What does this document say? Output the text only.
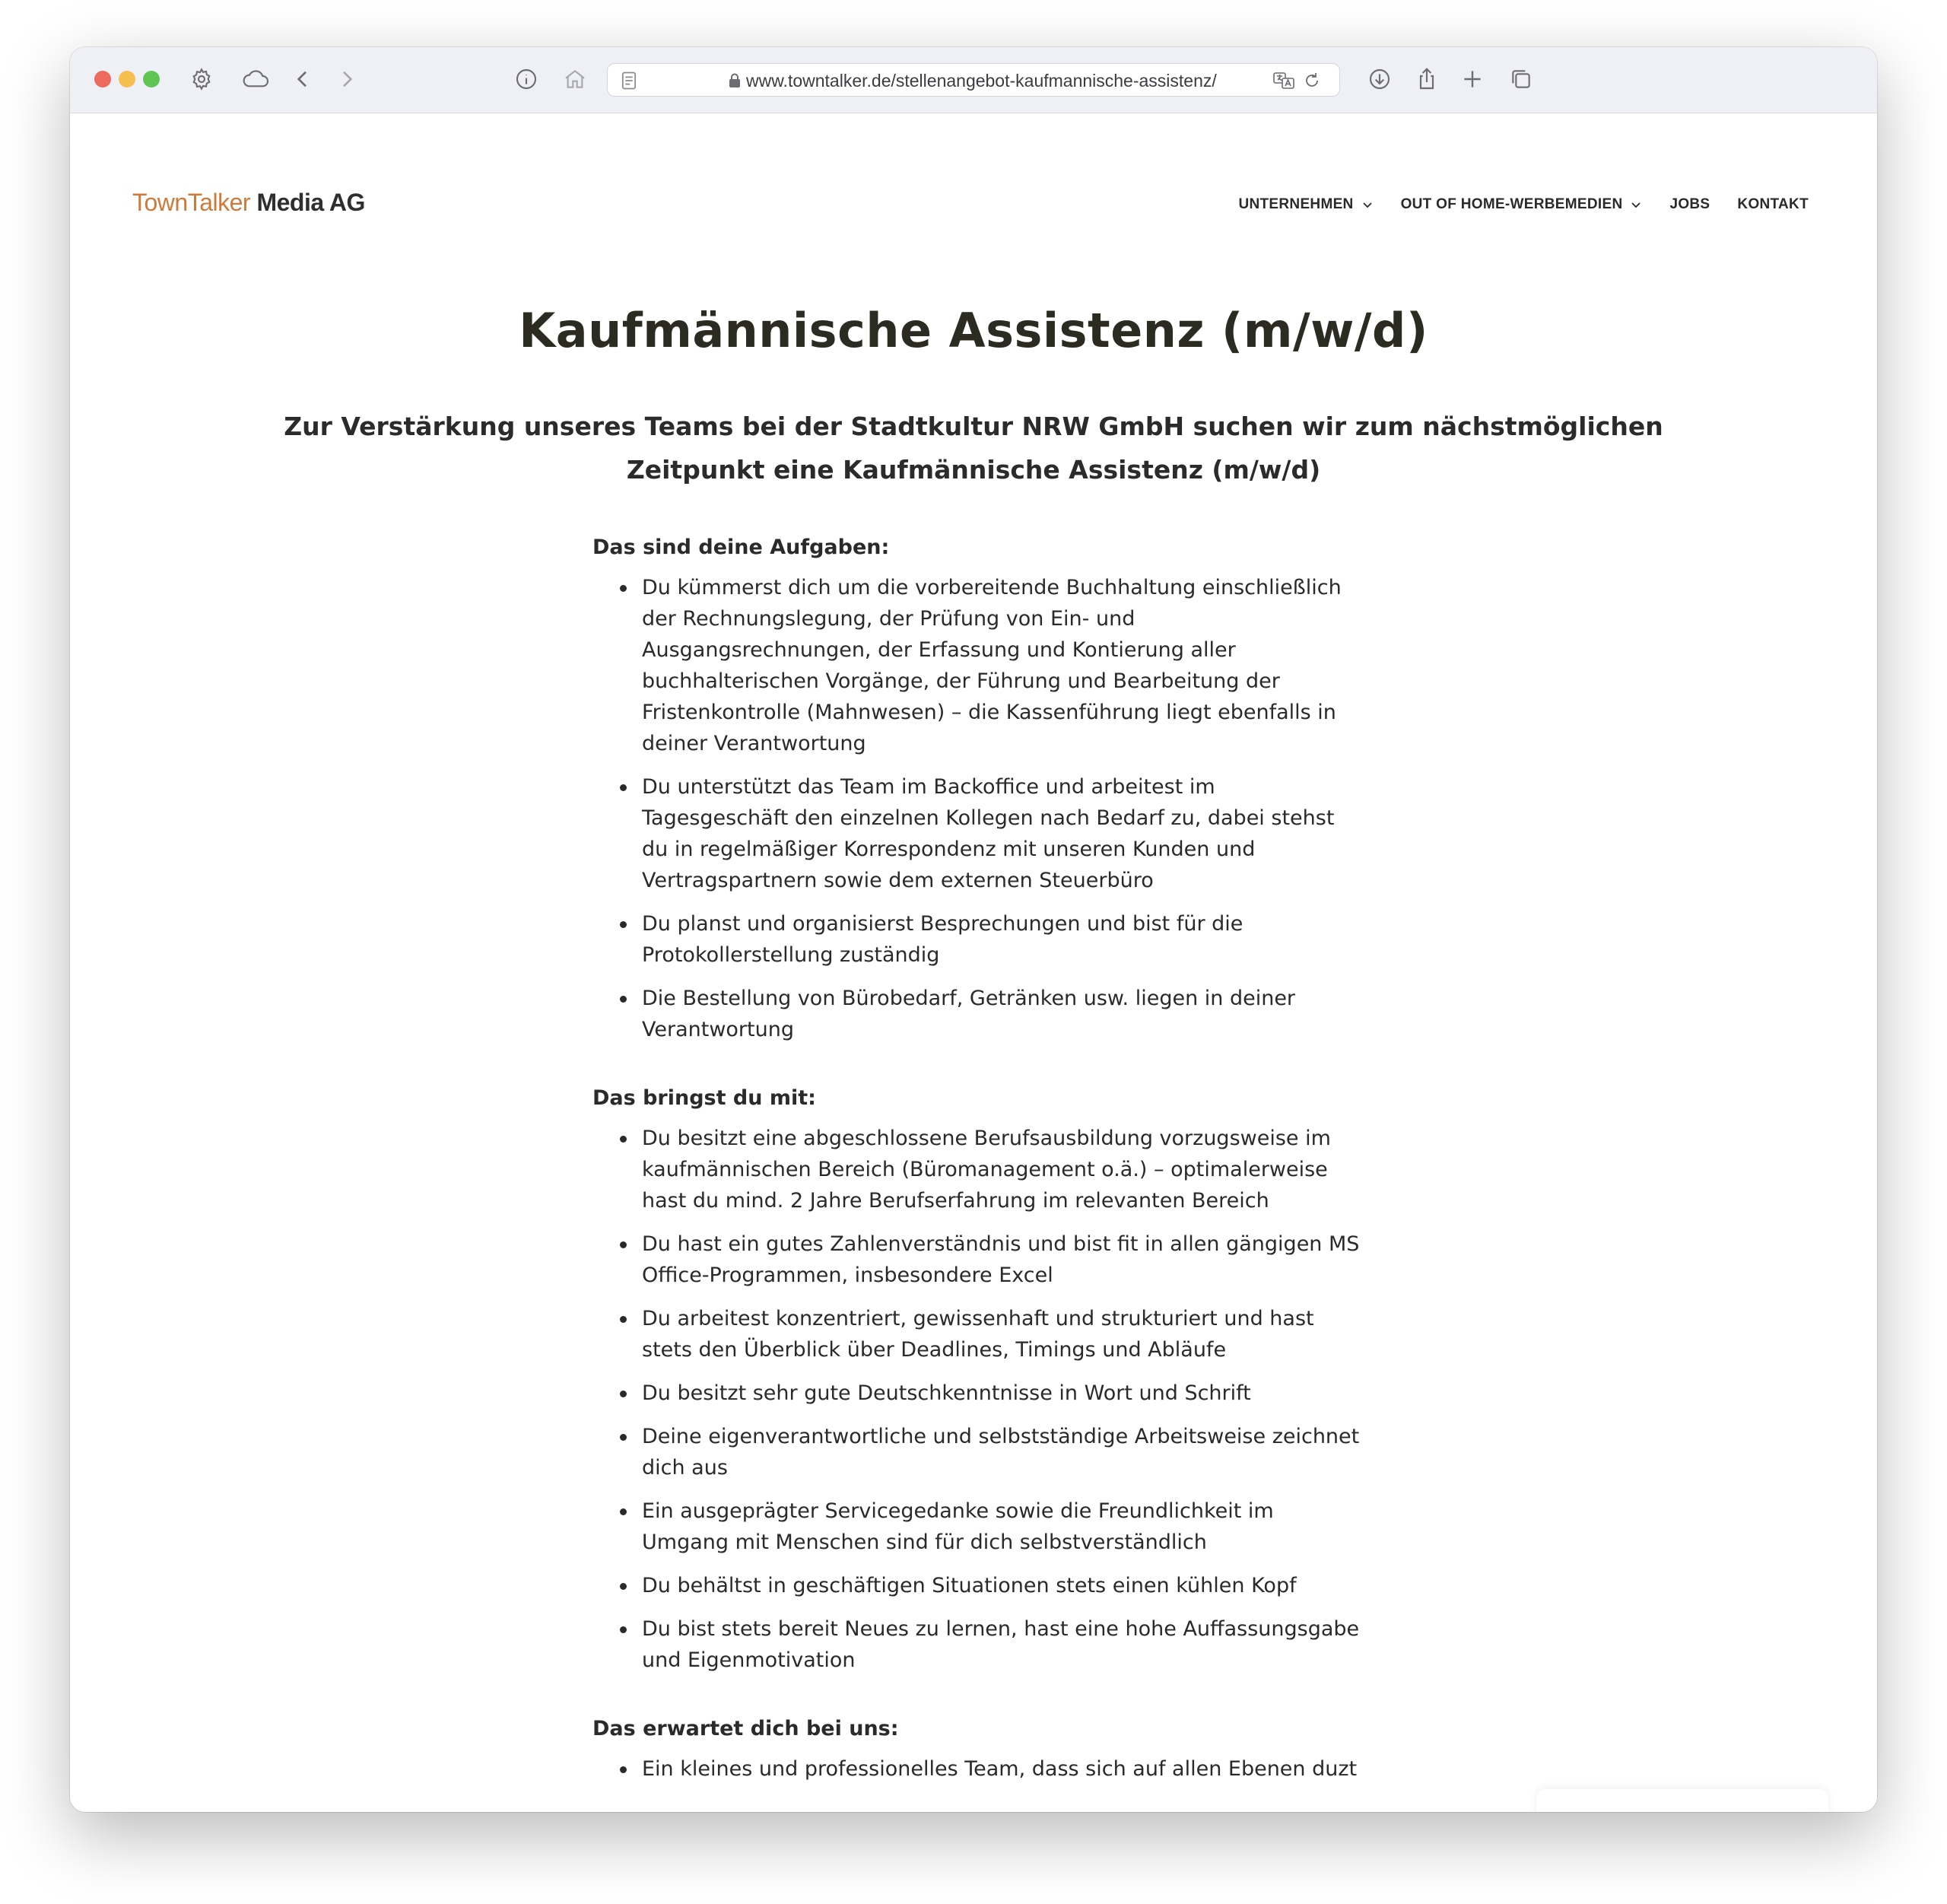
www.towntalker.de/stellenangebot-kaufmannische-assistenz/
TownTalker Media AG	UNTERNEHMEN	OUT OF HOME-WERBEMEDIEN	JOBS KONTAKT
Kaufmännische Assistenz (m/w/d)

Zur Verstärkung unseres Teams bei der Stadtkultur NRW GmbH suchen wir zum nächstmöglichen Zeitpunkt eine Kaufmännische Assistenz (m/w/d)

Das sind deine Aufgaben:
Du kümmerst dich um die vorbereitende Buchhaltung einschließlich der Rechnungslegung, der Prüfung von Ein- und Ausgangsrechnungen, der Erfassung und Kontierung aller buchhalterischen Vorgänge, der Führung und Bearbeitung der Fristenkontrolle (Mahnwesen) – die Kassenführung liegt ebenfalls in deiner Verantwortung
Du unterstützt das Team im Backoffice und arbeitest im Tagesgeschäft den einzelnen Kollegen nach Bedarf zu, dabei stehst du in regelmäßiger Korrespondenz mit unseren Kunden und Vertragspartnern sowie dem externen Steuerbüro
Du planst und organisierst Besprechungen und bist für die Protokollerstellung zuständig
Die Bestellung von Bürobedarf, Getränken usw. liegen in deiner Verantwortung
Das bringst du mit:
Du besitzt eine abgeschlossene Berufsausbildung vorzugsweise im kaufmännischen Bereich (Büromanagement o.ä.) – optimalerweise hast du mind. 2 Jahre Berufserfahrung im relevanten Bereich
Du hast ein gutes Zahlenverständnis und bist fit in allen gängigen MS Office-Programmen, insbesondere Excel
Du arbeitest konzentriert, gewissenhaft und strukturiert und hast stets den Überblick über Deadlines, Timings und Abläufe
Du besitzt sehr gute Deutschkenntnisse in Wort und Schrift
Deine eigenverantwortliche und selbstständige Arbeitsweise zeichnet dich aus
Ein ausgeprägter Servicegedanke sowie die Freundlichkeit im Umgang mit Menschen sind für dich selbstverständlich
Du behältst in geschäftigen Situationen stets einen kühlen Kopf
Du bist stets bereit Neues zu lernen, hast eine hohe Auffassungsgabe und Eigenmotivation
Das erwartet dich bei uns:
Ein kleines und professionelles Team, dass sich auf allen Ebenen duzt
